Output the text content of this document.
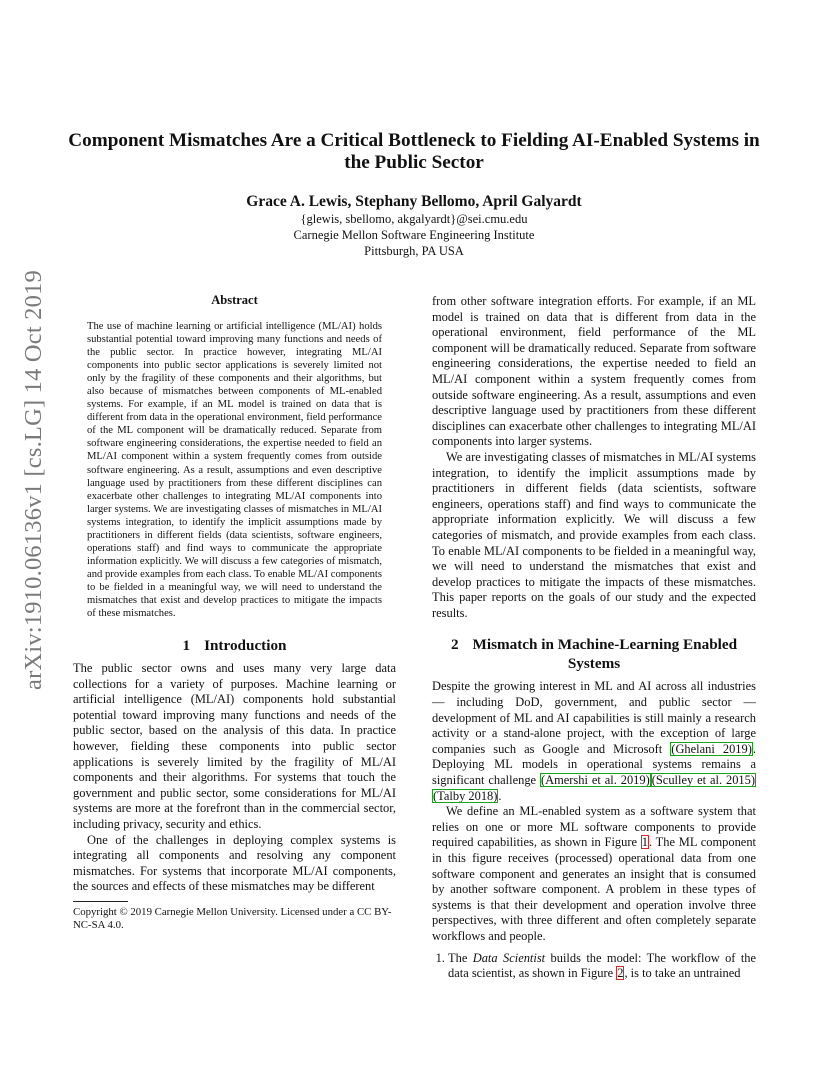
arXiv:1910.06136v1 [cs.LG] 14 Oct 2019
Component Mismatches Are a Critical Bottleneck to Fielding AI-Enabled Systems in the Public Sector
Grace A. Lewis, Stephany Bellomo, April Galyardt
{glewis, sbellomo, akgalyardt}@sei.cmu.edu
Carnegie Mellon Software Engineering Institute
Pittsburgh, PA USA
Abstract

The use of machine learning or artificial intelligence (ML/AI) holds substantial potential toward improving many functions and needs of the public sector. In practice however, integrating ML/AI components into public sector applications is severely limited not only by the fragility of these components and their algorithms, but also because of mismatches between components of ML-enabled systems. For example, if an ML model is trained on data that is different from data in the operational environment, field performance of the ML component will be dramatically reduced. Separate from software engineering considerations, the expertise needed to field an ML/AI component within a system frequently comes from outside software engineering. As a result, assumptions and even descriptive language used by practitioners from these different disciplines can exacerbate other challenges to integrating ML/AI components into larger systems. We are investigating classes of mismatches in ML/AI systems integration, to identify the implicit assumptions made by practitioners in different fields (data scientists, software engineers, operations staff) and find ways to communicate the appropriate information explicitly. We will discuss a few categories of mismatch, and provide examples from each class. To enable ML/AI components to be fielded in a meaningful way, we will need to understand the mismatches that exist and develop practices to mitigate the impacts of these mismatches.

1 Introduction

The public sector owns and uses many very large data collections for a variety of purposes. Machine learning or artificial intelligence (ML/AI) components hold substantial potential toward improving many functions and needs of the public sector, based on the analysis of this data. In practice however, fielding these components into public sector applications is severely limited by the fragility of ML/AI components and their algorithms. For systems that touch the government and public sector, some considerations for ML/AI systems are more at the forefront than in the commercial sector, including privacy, security and ethics.

One of the challenges in deploying complex systems is integrating all components and resolving any component mismatches. For systems that incorporate ML/AI components, the sources and effects of these mismatches may be different

Copyright © 2019 Carnegie Mellon University. Licensed under a CC BY-NC-SA 4.0.

from other software integration efforts. For example, if an ML model is trained on data that is different from data in the operational environment, field performance of the ML component will be dramatically reduced. Separate from software engineering considerations, the expertise needed to field an ML/AI component within a system frequently comes from outside software engineering. As a result, assumptions and even descriptive language used by practitioners from these different disciplines can exacerbate other challenges to integrating ML/AI components into larger systems.

We are investigating classes of mismatches in ML/AI systems integration, to identify the implicit assumptions made by practitioners in different fields (data scientists, software engineers, operations staff) and find ways to communicate the appropriate information explicitly. We will discuss a few categories of mismatch, and provide examples from each class. To enable ML/AI components to be fielded in a meaningful way, we will need to understand the mismatches that exist and develop practices to mitigate the impacts of these mismatches. This paper reports on the goals of our study and the expected results.

2 Mismatch in Machine-Learning Enabled Systems

Despite the growing interest in ML and AI across all industries — including DoD, government, and public sector — development of ML and AI capabilities is still mainly a research activity or a stand-alone project, with the exception of large companies such as Google and Microsoft (Ghelani 2019). Deploying ML models in operational systems remains a significant challenge (Amershi et al. 2019) (Sculley et al. 2015)(Talby 2018).

We define an ML-enabled system as a software system that relies on one or more ML software components to provide required capabilities, as shown in Figure 1. The ML component in this figure receives (processed) operational data from one software component and generates an insight that is consumed by another software component. A problem in these types of systems is that their development and operation involve three perspectives, with three different and often completely separate workflows and people.

1. The Data Scientist builds the model: The workflow of the data scientist, as shown in Figure 2, is to take an untrained
